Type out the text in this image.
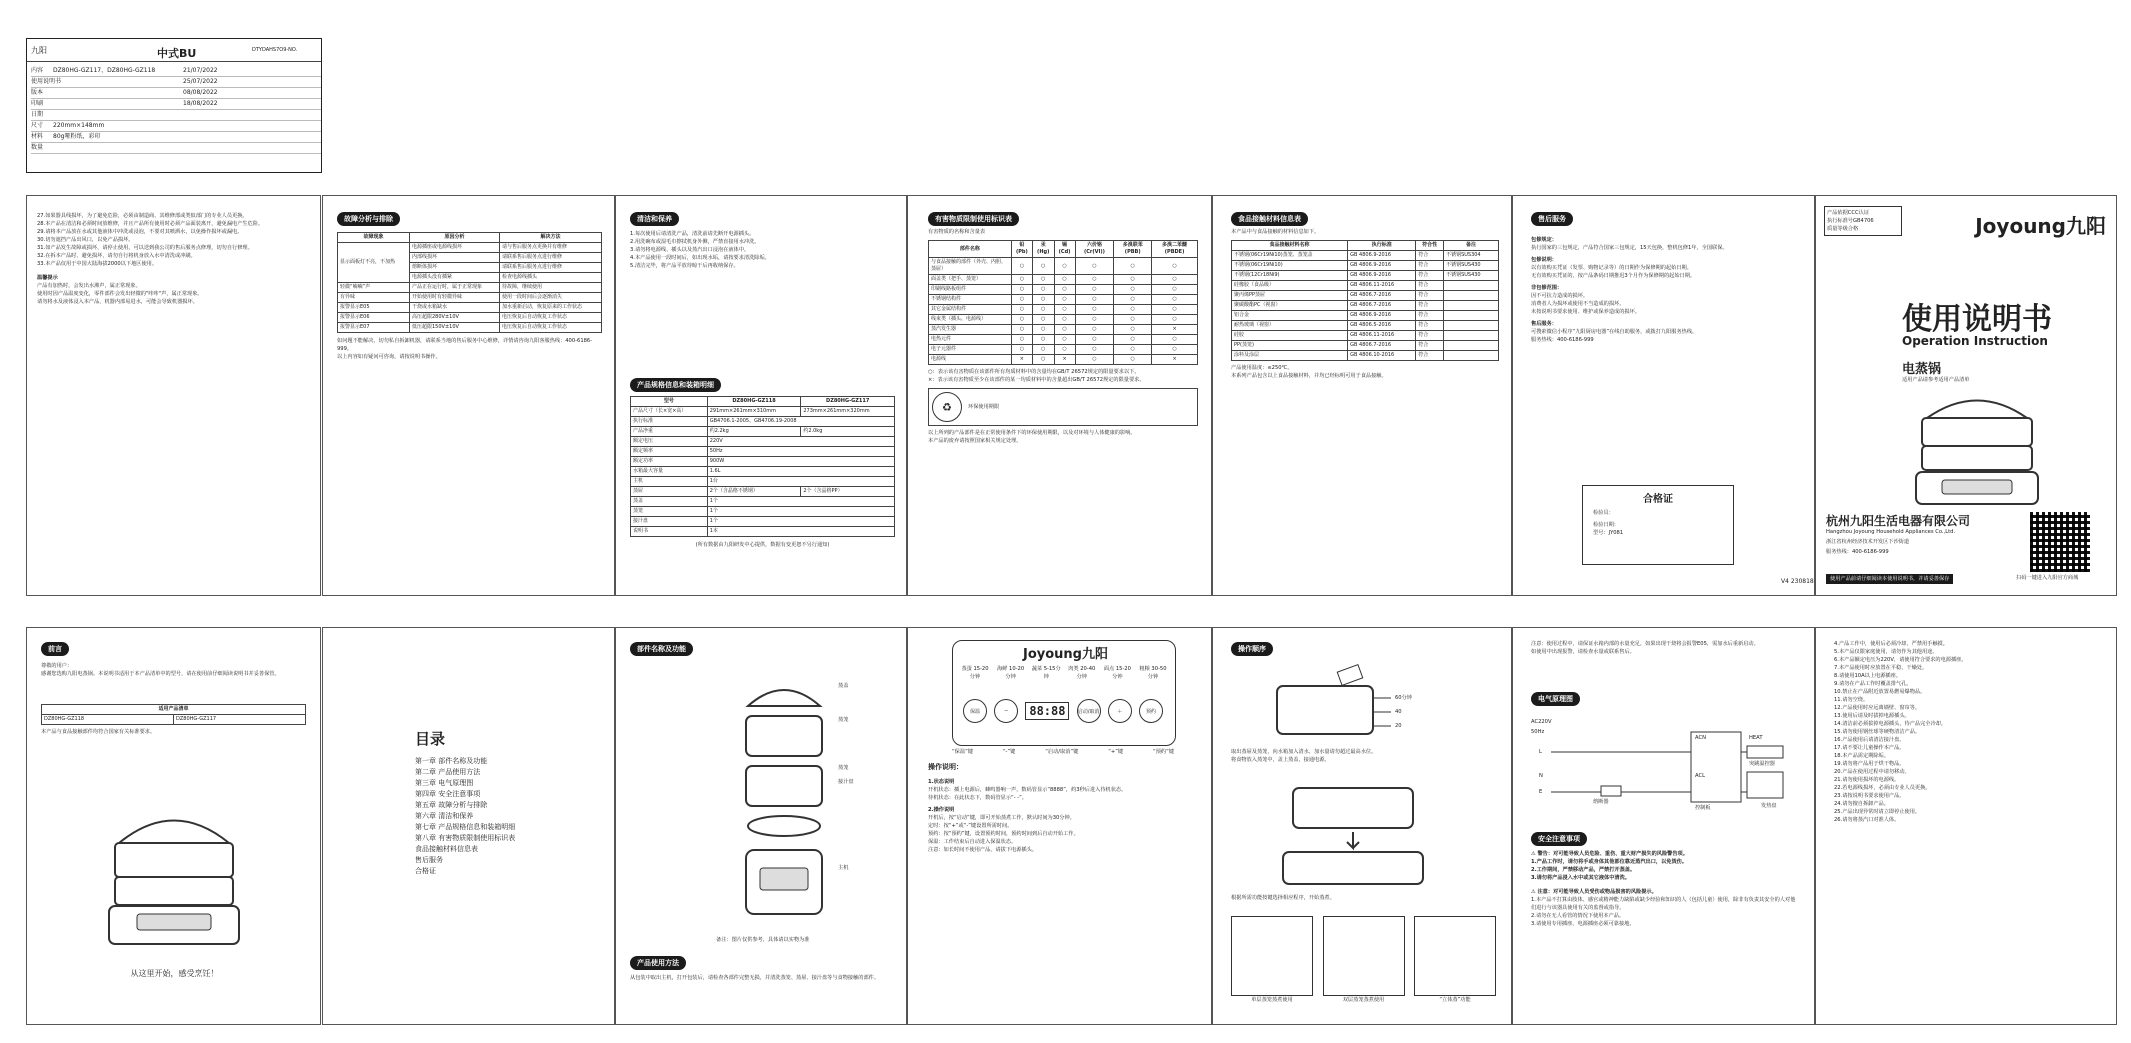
九阳	中式BU	DTYDAHS7O9-NO.
内容	DZ80HG-GZ117、DZ80HG-GZ118	21/07/2022
使用说明书	25/07/2022
版本	08/08/2022
印刷	18/08/2022
日期
尺寸	220mm×148mm
材料	80g哑粉纸，彩印
数量
27.如果器具线损坏，为了避免危险，必须由制造商、其维修部或类似部门的专业人员更换。
28.本产品在清洁和必须时间放维修，并且产品所有使用时必须产品面装离开，避免漏电产生危险。
29.请将本产品放在水或其他液体中冲洗或浸泡，不要对其喷洒水，以免操作损坏或漏电。
30.切勿遮挡产品出风口，以免产品损坏。
31.如产品发生故障或损坏，请停止使用，可以送到我公司的售后服务点修理，切勿自行修理。
32.在拆本产品时，避免损坏，请勿自行将机身放入水中清洗或冲刷。
33.本产品仅用于中国大陆海拔2000以下地区使用。
温馨提示
产品有加热时，会发出水沸声，属正常现象。
使用时因产品温度变化，零件部件会发出轻微的"咔咔"声，属正常现象。
请勿将水及液体浸入本产品，机器内部易进水，可能会导致机器损坏。
故障分析与排除
故障现象	原因分析	解决方法
显示面板灯不亮，不加热	电源插座或电源线损坏	请与售后服务点更换并有维修
	内部线损坏	请联系售后服务点进行维修
	熔断体损坏	请联系售后服务点进行维修
	电源插头没有插紧	检查电源线插头
轻微“嘀嘀”声	产品正在运行时，属于正常现象	待故障，继续使用
有异味	开始使用时有轻微异味	使用一段时间后会逐渐消失
报警显示E05	干烧或水箱缺水	加水重新启动，恢复原来的工作状态
报警显示E06	高压超限280V±10V	电压恢复后自动恢复工作状态
报警显示E07	低压超限150V±10V	电压恢复后自动恢复工作状态
如问题不能解决，切勿私自拆卸机器，请联系当地的售后服务中心维修，详情请咨询九阳客服热线：400-6186-999。
以上内容如有疑问可咨询，请按说明书操作。
清洁和保养
1.每次使用后请清洗产品，清洗前请先断开电源插头。
2.用洗碗布或湿毛巾擦拭机身外侧，严禁直接用水冲洗。
3.请勿将电源线、插头以及蒸汽出口浸泡在液体中。
4.本产品使用一段时间后，如出现水垢，请按要求清洗除垢。
5.清洁完毕，将产品平放待晾干后再收纳保存。
产品规格信息和装箱明细
型号	DZ80HG-GZ118	DZ80HG-GZ117
产品尺寸（长×宽×高）	291mm×261mm×310mm	273mm×261mm×320mm
执行标准	GB4706.1-2005、GB4706.19-2008	
产品净重	约2.2kg	约2.0kg
额定电压	220V	
额定频率	50Hz	
额定功率	900W	
水箱最大容量	1.6L	
主机	1台	
蒸屉	2个（含晶格不锈钢）	2个（含晶格PP）
蒸盖	1个	
蒸笼	1个	
接汁盘	1个	
说明书	1本	
(所有数据由九阳研发中心提供，数据有变更恕不另行通知)
有害物质限制使用标识表
有害物质的名称和含量表
部件名称	铅(Pb)	汞(Hg)	镉(Cd)	六价铬(Cr(VI))	多溴联苯(PBB)	多溴二苯醚(PBDE)
与食品接触的部件（外壳、内胆、蒸屉）	○	○	○	○	○	○
面盖类（把手、蒸笼）	○	○	○	○	○	○
印刷线路板组件	○	○	○	○	○	○
不锈钢结构件	○	○	○	○	○	○
其它金属结构件	○	○	○	○	○	○
线束类（插头、电源线）	○	○	○	○	○	○
蒸汽发生器	○	○	○	○	○	×
电热元件	○	○	○	○	○	○
电子元器件	○	○	○	○	○	○
电源线	×	○	×	○	○	×
○：表示该有害物质在该部件所有均质材料中的含量均在GB/T 26572规定的限量要求以下。
×：表示该有害物质至少在该部件的某一均质材料中的含量超出GB/T 26572规定的限量要求。
♻	环保使用期限
以上所列的产品部件是在正常使用条件下的环保使用期限，以及对环境与人体健康的影响。
本产品的废弃请按照国家相关规定处理。
食品接触材料信息表
本产品中与食品接触的材料信息如下。
食品接触材料名称	执行标准	符合性	备注
不锈钢(06Cr19Ni10)蒸笼、蒸笼盖	GB 4806.9-2016	符合	不锈钢SUS304
不锈钢(06Cr19Ni10)	GB 4806.9-2016	符合	不锈钢SUS430
不锈钢(12Cr18Ni9)	GB 4806.9-2016	符合	不锈钢SUS430
硅橡胶（食品级）	GB 4806.11-2016	符合	
聚丙烯PP蒸屉	GB 4806.7-2016	符合	
聚碳酸酯PC（视窗）	GB 4806.7-2016	符合	
铝合金	GB 4806.9-2016	符合	
耐热玻璃（视窗）	GB 4806.5-2016	符合	
硅胶	GB 4806.11-2016	符合	
PP(蒸笼)	GB 4806.7-2016	符合	
涂料及涂层	GB 4806.10-2016	符合	
产品使用温度：≤250℃。
本系列产品包含以上食品接触材料，并均已经标明可用于食品接触。
售后服务
包修规定：
执行国家的三包规定，产品符合国家三包规定，15天包换，整机包修1年，全国联保。
包修说明：
以有效购买凭证（发票、购物记录等）的日期作为保修期的起始日期。
无有效购买凭证的，按产品条码日期推迟3个月作为保修期的起始日期。
非包修范围：
因不可抗力造成的损坏。
消费者人为损坏或使用不当造成的损坏。
未按说明书要求使用、维护或保养造成的损坏。
售后服务：
可搜索微信小程序“九阳厨房电器”在线自助服务，或拨打九阳服务热线。
服务热线：400-6186-999
V4 230818
合格证
检验员：
检验日期：
型号：JY081
产品依据CCC认证
执行标准号GB4706
质量等级合格	Joyoung九阳
使用说明书
Operation Instruction
电蒸锅
适用产品请参考适用产品清单
杭州九阳生活电器有限公司
Hangzhou Joyoung Household Appliances Co.,Ltd.
浙江省杭州经济技术开发区下沙街道
服务热线：400-6186-999
扫码一键进入九阳官方商城
使用产品前请仔细阅读本使用说明书，并请妥善保存
前言
尊敬的用户：
感谢您选购九阳电蒸锅。本说明书适用于本产品清单中的型号，请在使用前仔细阅读说明书并妥善保管。
适用产品清单
DZ80HG-GZ118	DZ80HG-GZ117
本产品与食品接触部件均符合国家有关标准要求。
从这里开始，感受烹饪！
目录
第一章 部件名称及功能
第二章 产品使用方法
第三章 电气原理图
第四章 安全注意事项
第五章 故障分析与排除
第六章 清洁和保养
第七章 产品规格信息和装箱明细
第八章 有害物质限制使用标识表
食品接触材料信息表
售后服务
合格证
部件名称及功能
蒸盖
蒸笼
蒸笼
接汁盘
主机
备注：图片仅供参考，具体请以实物为准
产品使用方法
从包装中取出主机，打开包装后，请检查各部件完整无损，并清洗蒸笼、蒸屉、接汁盘等与食物接触的部件。
Joyoung九阳
蒸蛋 15-20分钟
海鲜 10-20分钟
蔬菜 5-15分钟
肉类 20-40分钟
面点 15-20分钟
粗粮 30-50分钟
保温	−	88:88	启动/取消	＋	预约
“保温”键	“-”键	“启动/取消”键	“+”键	“预约”键
操作说明：
1.状态说明
开机状态：插上电源后，蜂鸣器响一声，数码管显示“8888”，约3秒后进入待机状态。
待机状态：在此状态下，数码管显示“- -”。
2.操作说明
开机后，按“启动”键，即可开始蒸煮工作，默认时间为30分钟。
定时：按“+”或“-”键设置所需时间。
预约：按“预约”键，设置预约时间，预约时间到后自动开始工作。
保温：工作结束后自动进入保温状态。
注意：如长时间不使用产品，请拔下电源插头。
操作顺序
60分钟
40
20
取出蒸屉及蒸笼，向水箱加入清水，加水量请勿超过最高水位。
将食物放入蒸笼中，盖上蒸盖，接通电源。
根据所需功能按键选择相应程序，开始蒸煮。
单层蒸笼蒸煮使用	双层蒸笼蒸煮使用	“立体蒸”功能
注意：使用过程中，请保证水箱内部的水量充足，如果出现干烧将会报警E05，需加水后重新启动。
如使用中出现报警，请检查水量或联系售后。
电气原理图
AC220V
50Hz
L
N
E
ACN	HEAT
ACL
熔断器
发热盘
突跳温控器
控制板
安全注意事项
⚠ 警告：对可能导致人员危险、重伤、重大财产损失的风险警告项。
1.产品工作时，请勿将手或身体其他部位靠近蒸汽出口，以免烫伤。
2.工作期间，严禁移动产品，严禁打开蒸盖。
3.请勿将产品浸入水中或其它液体中清洗。
⚠ 注意：对可能导致人员受伤或物品损害的风险提示。
1.本产品不打算由肢体、感官或精神能力缺陷或缺少经验和知识的人（包括儿童）使用，除非有负责其安全的人对他们进行与该器具使用有关的监督或指导。
2.请勿在无人看管的情况下使用本产品。
3.请使用专用插座，电源插座必须可靠接地。
4.产品工作中，使用后必须冷却，严禁用手触摸。
5.本产品仅限家庭使用，请勿作为其他用途。
6.本产品额定电压为220V，请使用符合要求的电源插座。
7.本产品使用时应放置在平稳、干燥处。
8.请使用10A以上电源插座。
9.请勿在产品工作时覆盖排气孔。
10.禁止在产品附近放置易燃易爆物品。
11.请勿空烧。
12.产品使用时应远离墙壁、窗帘等。
13.使用后请及时拔掉电源插头。
14.清洁前必须拔掉电源插头，待产品完全冷却。
15.请勿使用钢丝球等硬物清洁产品。
16.产品使用后请清洁接汁盘。
17.请不要让儿童操作本产品。
18.本产品需定期除垢。
19.请勿将产品用于烘干物品。
20.产品在使用过程中请勿移动。
21.请勿使用损坏的电源线。
22.若电源线损坏，必须由专业人员更换。
23.请按说明书要求使用产品。
24.请勿擅自拆卸产品。
25.产品出现异常时请立即停止使用。
26.请勿将蒸汽口对准人体。
